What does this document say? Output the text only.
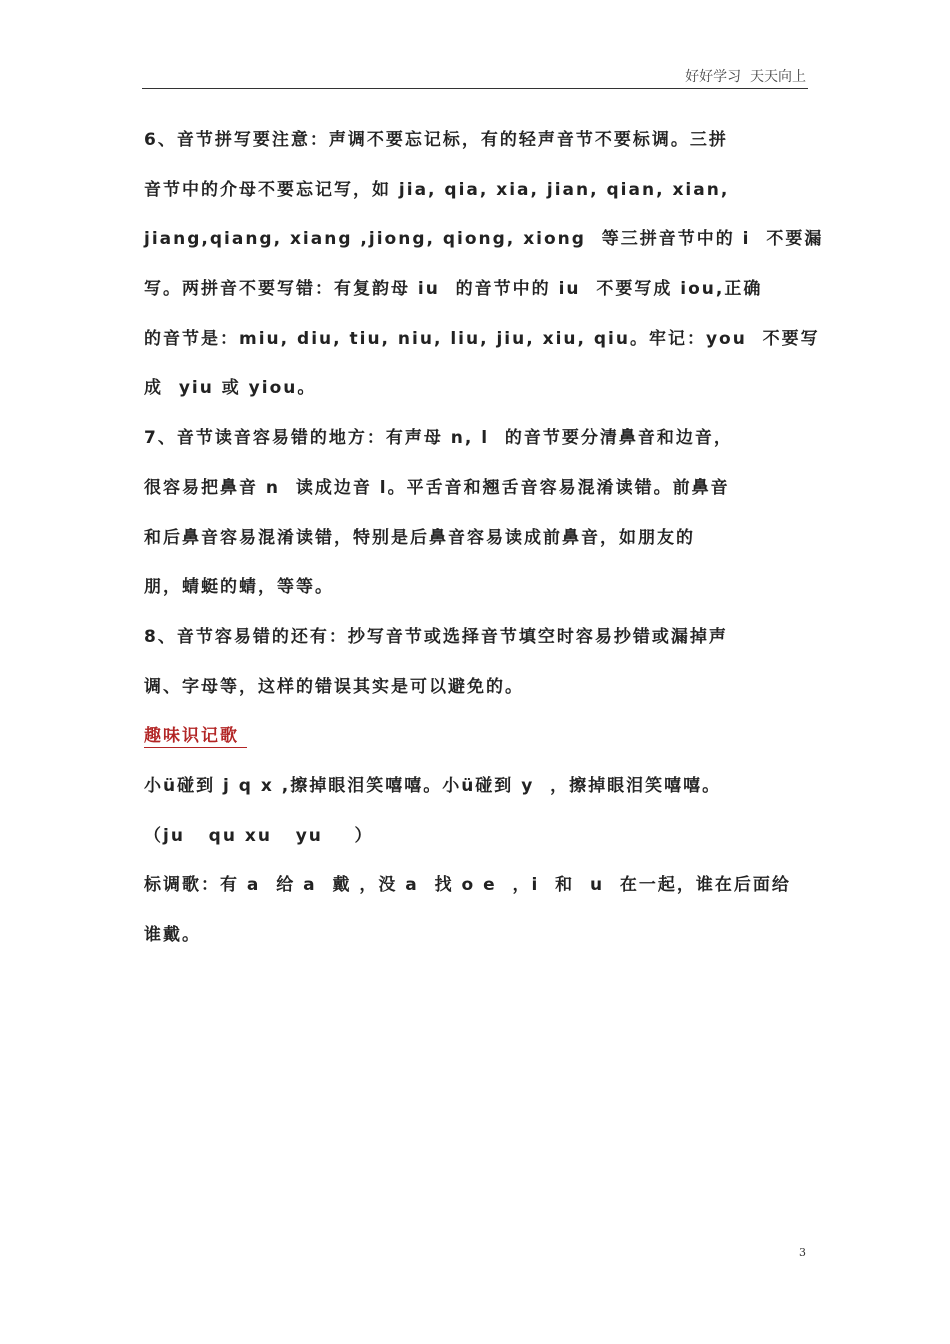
好好学习  天天向上
6、音节拼写要注意：声调不要忘记标，有的轻声音节不要标调。三拼
音节中的介母不要忘记写，如 jia, qia, xia, jian, qian, xian,
jiang,qiang, xiang ,jiong, qiong, xiong  等三拼音节中的 i  不要漏
写。两拼音不要写错：有复韵母 iu  的音节中的 iu  不要写成 iou,正确
的音节是：miu, diu, tiu, niu, liu, jiu, xiu, qiu。牢记：you  不要写
成  yiu 或 yiou。
7、音节读音容易错的地方：有声母 n, l  的音节要分清鼻音和边音，
很容易把鼻音 n  读成边音 l。平舌音和翘舌音容易混淆读错。前鼻音
和后鼻音容易混淆读错，特别是后鼻音容易读成前鼻音，如朋友的
朋，蜻蜓的蜻，等等。
8、音节容易错的还有：抄写音节或选择音节填空时容易抄错或漏掉声
调、字母等，这样的错误其实是可以避免的。
趣味识记歌
小ü碰到 j q x ,擦掉眼泪笑嘻嘻。小ü碰到 y  ，擦掉眼泪笑嘻嘻。
（ju   qu xu   yu    ）
标调歌：有 a  给 a  戴 ，没 a  找 o e  ，i  和  u  在一起，谁在后面给
谁戴。
3
